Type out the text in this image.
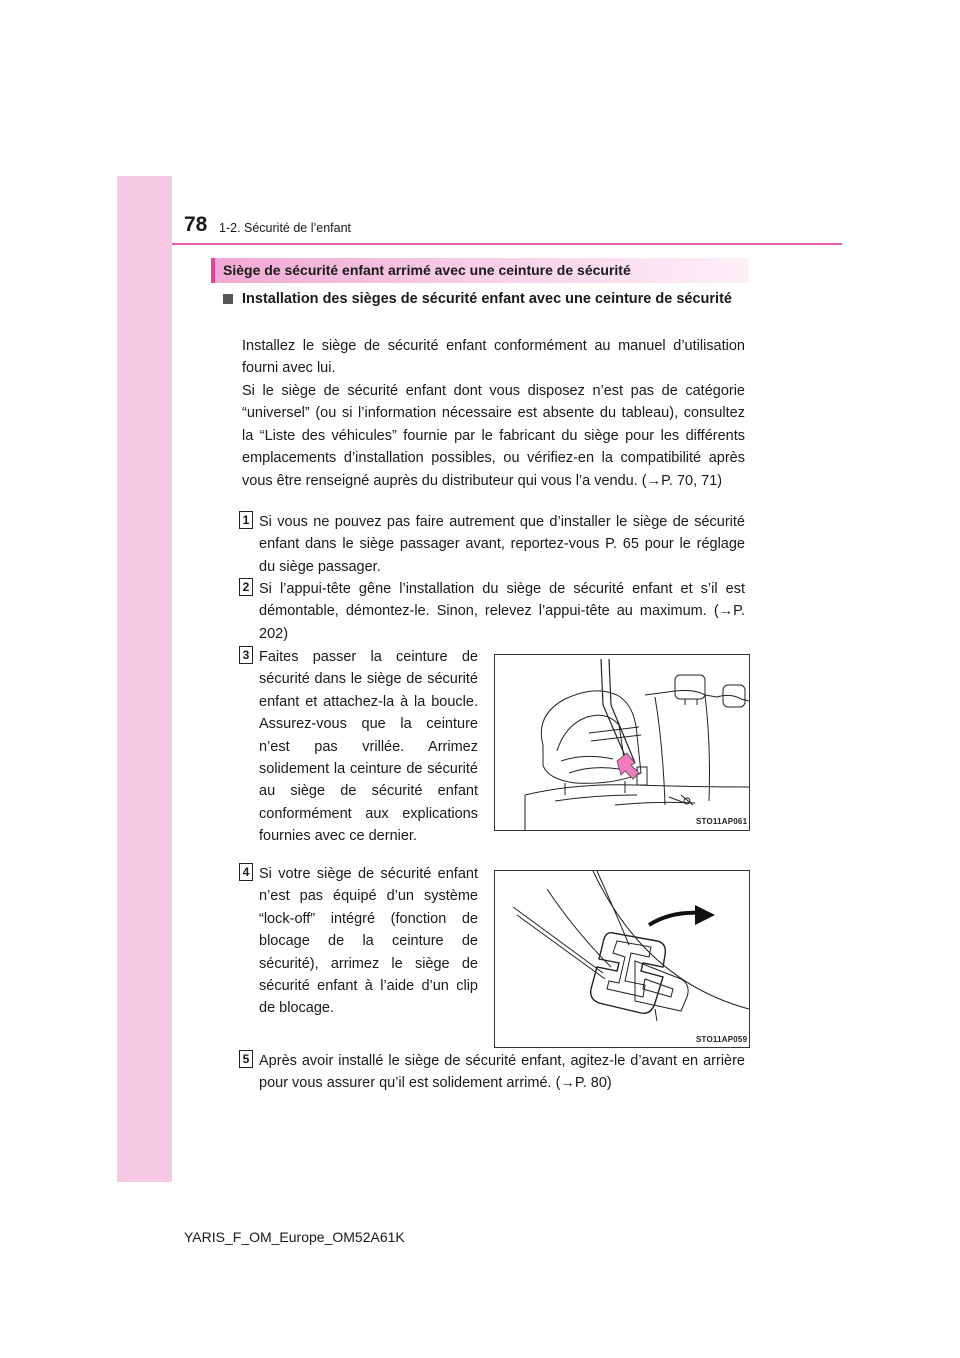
78 1-2. Sécurité de l’enfant
Siège de sécurité enfant arrimé avec une ceinture de sécurité
Installation des sièges de sécurité enfant avec une ceinture de sécurité
Installez le siège de sécurité enfant conformément au manuel d’utilisation fourni avec lui.
Si le siège de sécurité enfant dont vous disposez n’est pas de catégorie “universel” (ou si l’information nécessaire est absente du tableau), consultez la “Liste des véhicules” fournie par le fabricant du siège pour les différents emplacements d’installation possibles, ou vérifiez-en la compatibilité après vous être renseigné auprès du distributeur qui vous l’a vendu. (→P. 70, 71)
1 Si vous ne pouvez pas faire autrement que d’installer le siège de sécurité enfant dans le siège passager avant, reportez-vous P. 65 pour le réglage du siège passager.
2 Si l’appui-tête gêne l’installation du siège de sécurité enfant et s’il est démontable, démontez-le. Sinon, relevez l’appui-tête au maximum. (→P. 202)
3 Faites passer la ceinture de sécurité dans le siège de sécurité enfant et attachez-la à la boucle. Assurez-vous que la ceinture n’est pas vrillée. Arrimez solidement la ceinture de sécurité au siège de sécurité enfant conformément aux explications fournies avec ce dernier.
STO11AP061
4 Si votre siège de sécurité enfant n’est pas équipé d’un système “lock-off” intégré (fonction de blocage de la ceinture de sécurité), arrimez le siège de sécurité enfant à l’aide d’un clip de blocage.
STO11AP059
5 Après avoir installé le siège de sécurité enfant, agitez-le d’avant en arrière pour vous assurer qu’il est solidement arrimé. (→P. 80)
YARIS_F_OM_Europe_OM52A61K
